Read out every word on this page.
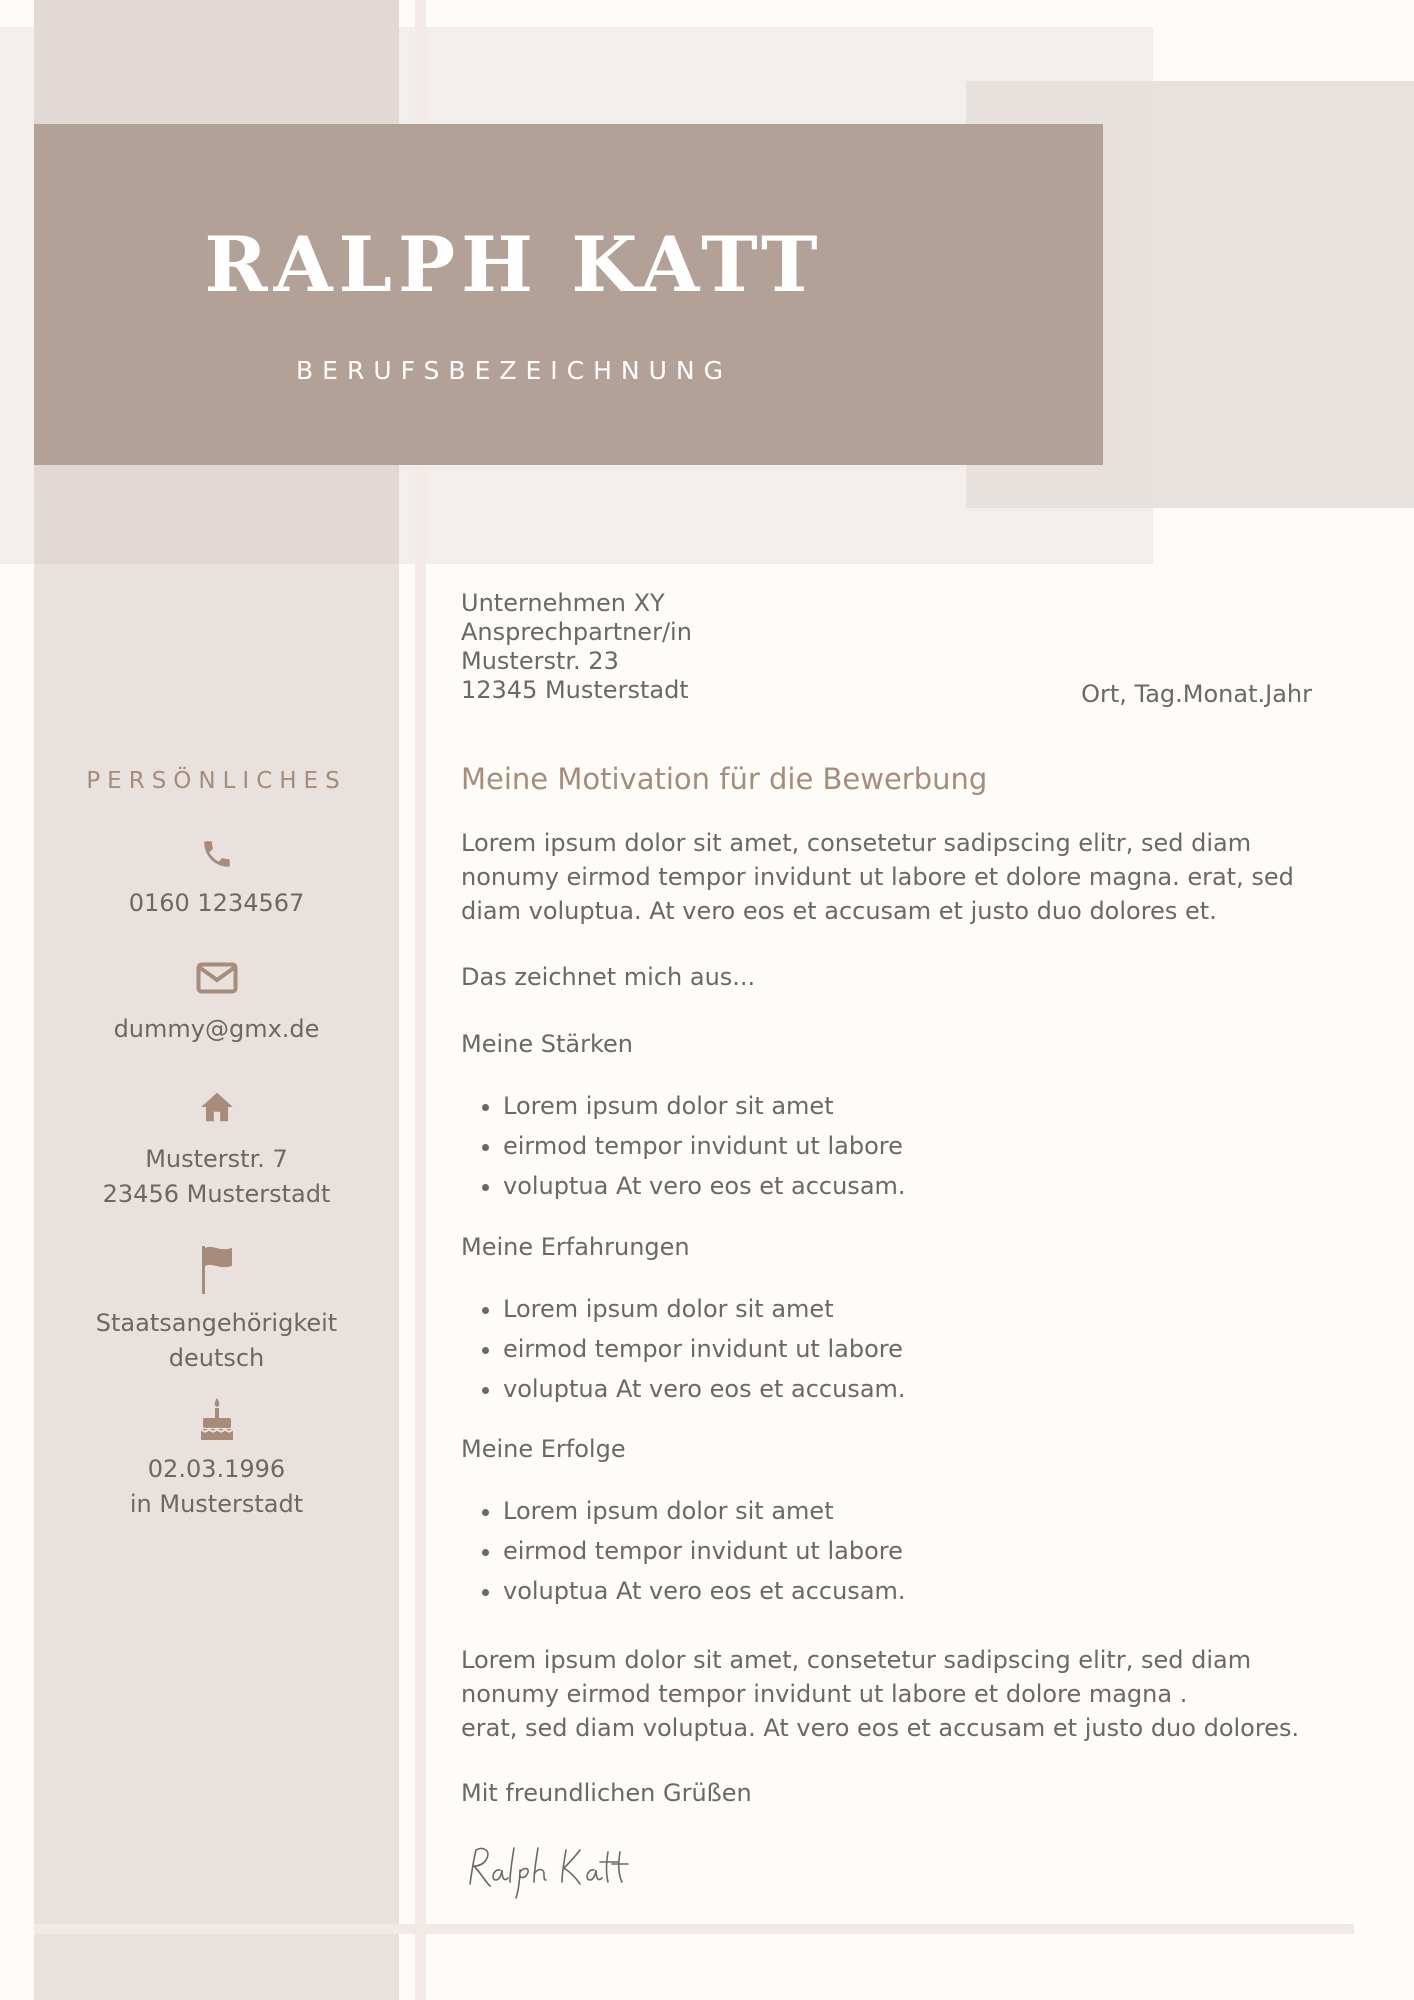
RALPH KATT
BERUFSBEZEICHNUNG
PERSÖNLICHES
0160 1234567
dummy@gmx.de
Musterstr. 7
23456 Musterstadt
Staatsangehörigkeit
deutsch
02.03.1996
in Musterstadt
Unternehmen XY
Ansprechpartner/in
Musterstr. 23
12345 Musterstadt	Ort, Tag.Monat.Jahr
Meine Motivation für die Bewerbung
Lorem ipsum dolor sit amet, consetetur sadipscing elitr, sed diam nonumy eirmod tempor invidunt ut labore et dolore magna. erat, sed diam voluptua. At vero eos et accusam et justo duo dolores et.
Das zeichnet mich aus...
Meine Stärken
• Lorem ipsum dolor sit amet
• eirmod tempor invidunt ut labore
• voluptua At vero eos et accusam.
Meine Erfahrungen
• Lorem ipsum dolor sit amet
• eirmod tempor invidunt ut labore
• voluptua At vero eos et accusam.
Meine Erfolge
• Lorem ipsum dolor sit amet
• eirmod tempor invidunt ut labore
• voluptua At vero eos et accusam.
Lorem ipsum dolor sit amet, consetetur sadipscing elitr, sed diam nonumy eirmod tempor invidunt ut labore et dolore magna .
erat, sed diam voluptua. At vero eos et accusam et justo duo dolores.
Mit freundlichen Grüßen
